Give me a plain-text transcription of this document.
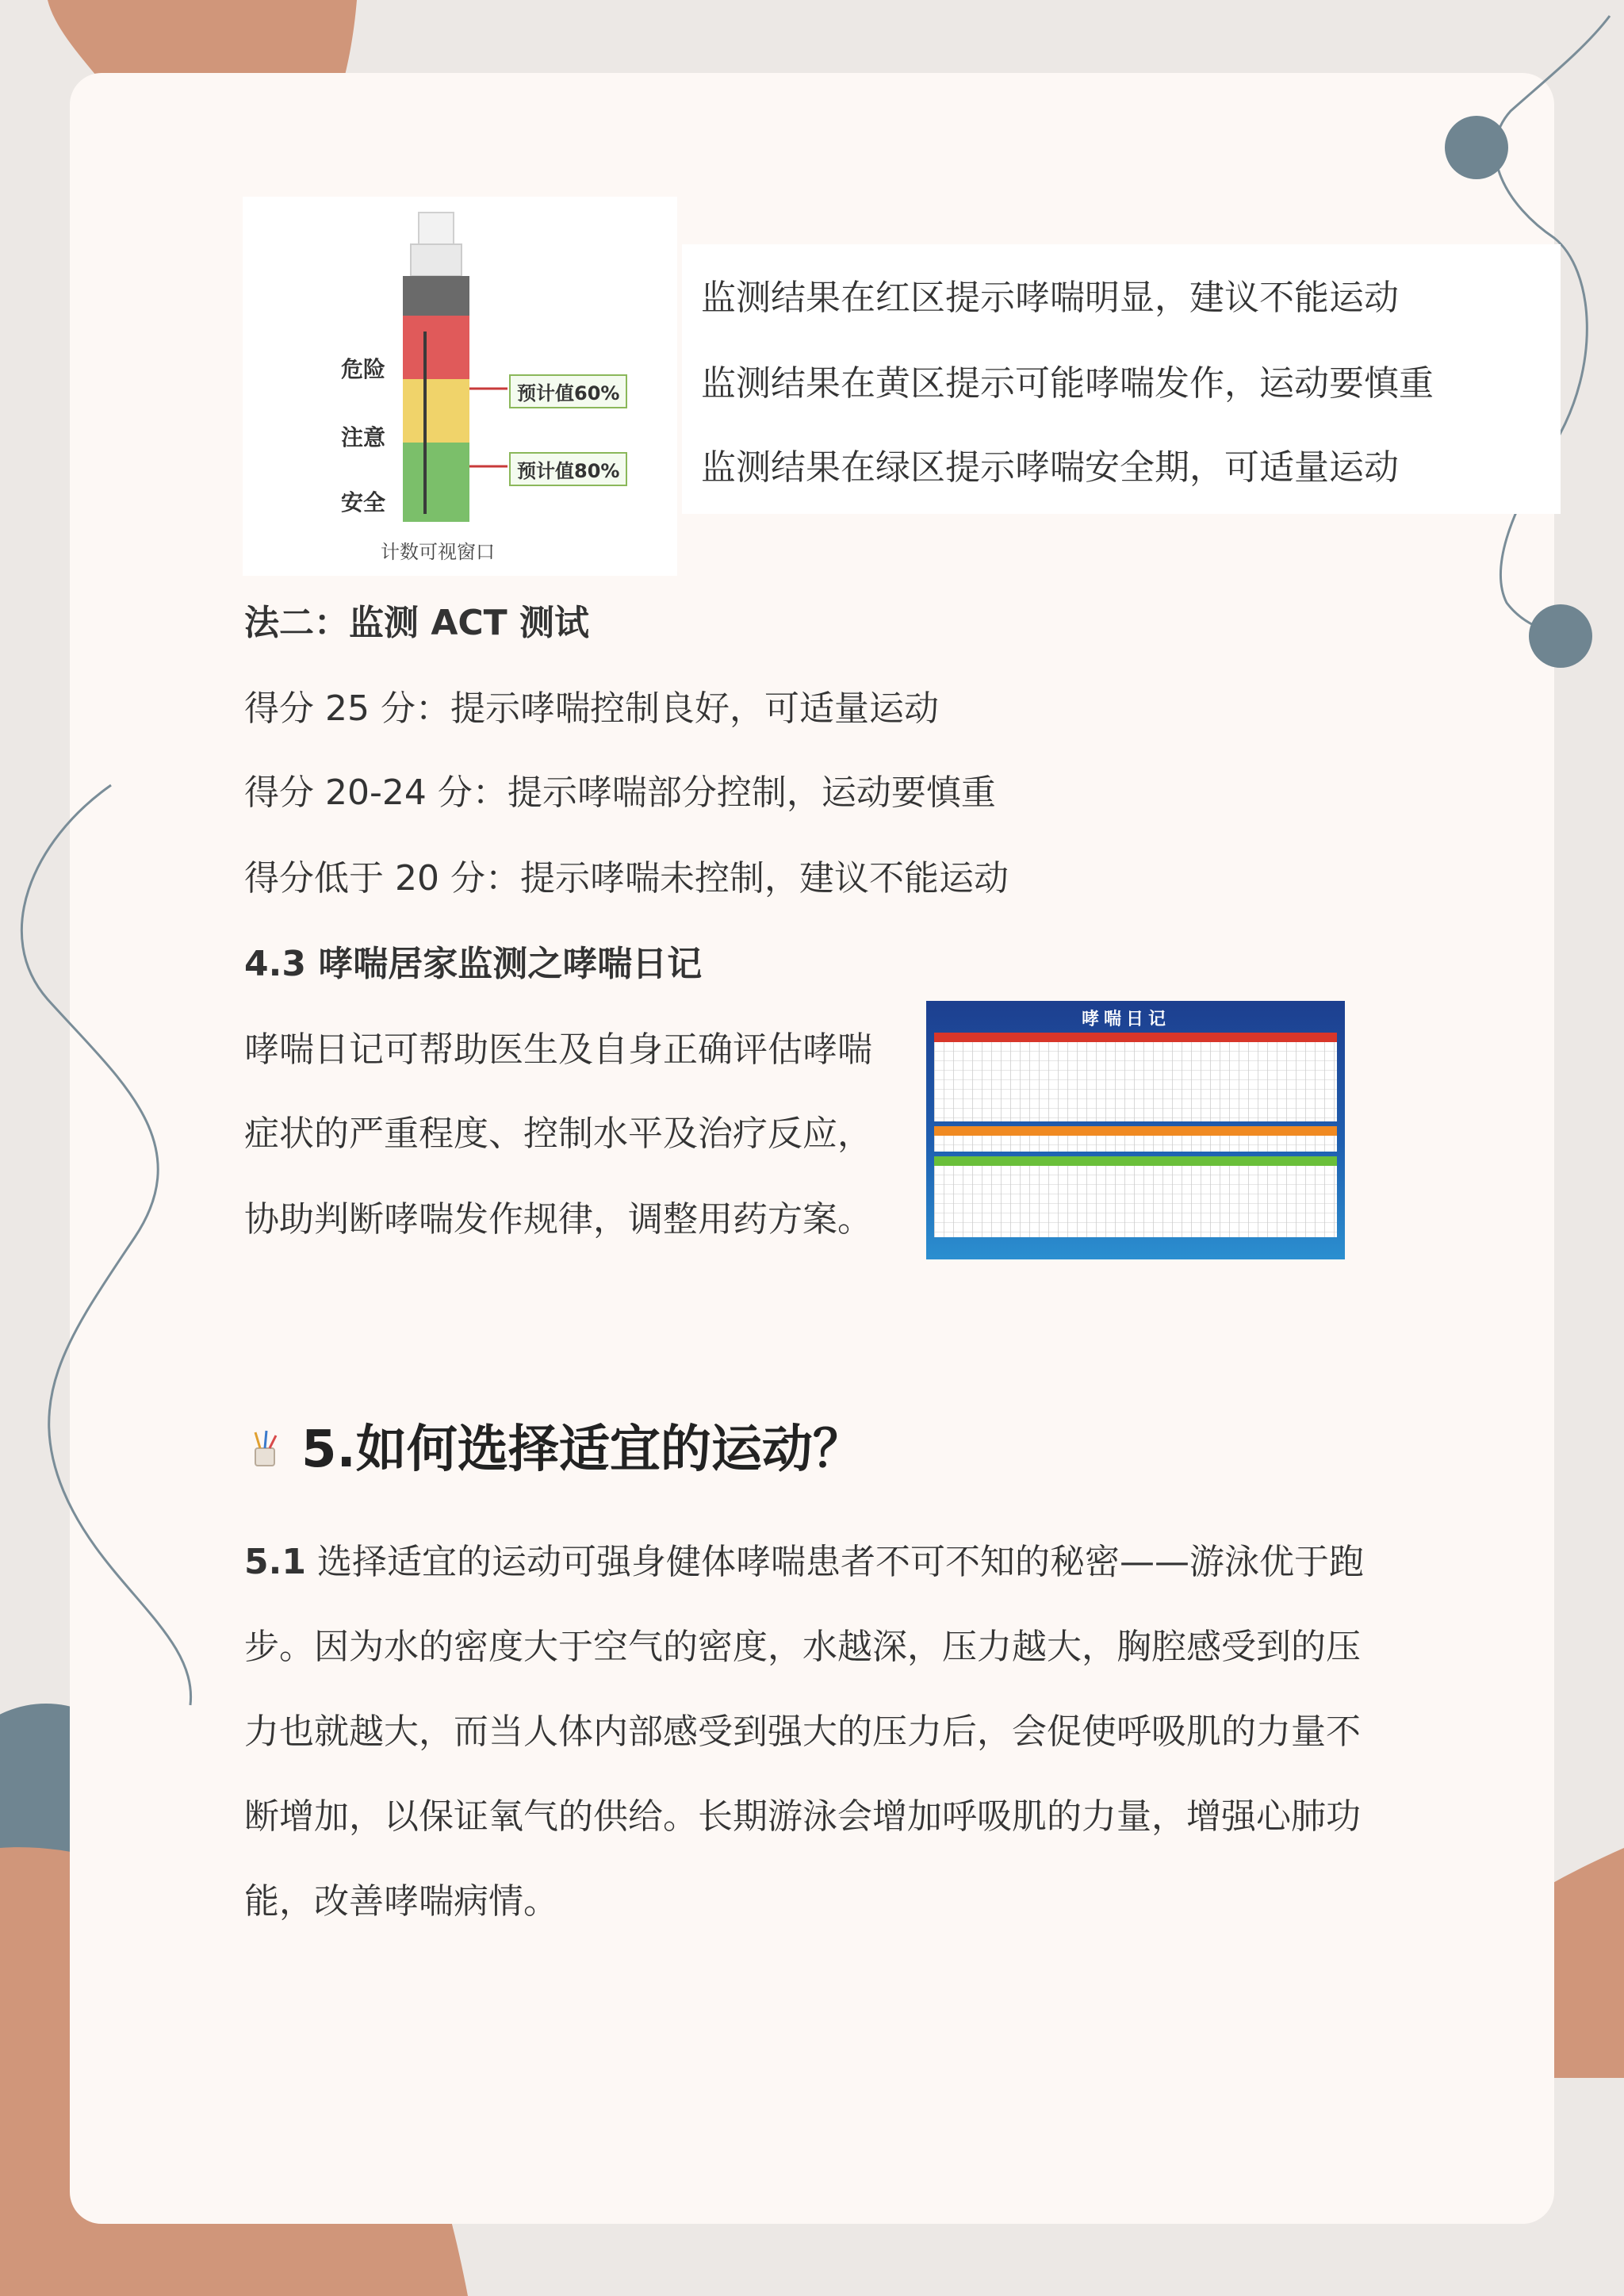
危险
注意
安全
预计值60%
预计值80%
计数可视窗口
监测结果在红区提示哮喘明显，建议不能运动
监测结果在黄区提示可能哮喘发作，运动要慎重
监测结果在绿区提示哮喘安全期，可适量运动
法二：监测 ACT 测试
得分 25 分：提示哮喘控制良好，可适量运动
得分 20-24 分：提示哮喘部分控制，运动要慎重
得分低于 20 分：提示哮喘未控制，建议不能运动
4.3 哮喘居家监测之哮喘日记
哮喘日记可帮助医生及自身正确评估哮喘
症状的严重程度、控制水平及治疗反应，
协助判断哮喘发作规律，调整用药方案。
哮喘日记
5.如何选择适宜的运动？
5.1 选择适宜的运动可强身健体哮喘患者不可不知的秘密——游泳优于跑步。因为水的密度大于空气的密度，水越深，压力越大，胸腔感受到的压力也就越大，而当人体内部感受到强大的压力后，会促使呼吸肌的力量不断增加，以保证氧气的供给。长期游泳会增加呼吸肌的力量，增强心肺功能，改善哮喘病情。
